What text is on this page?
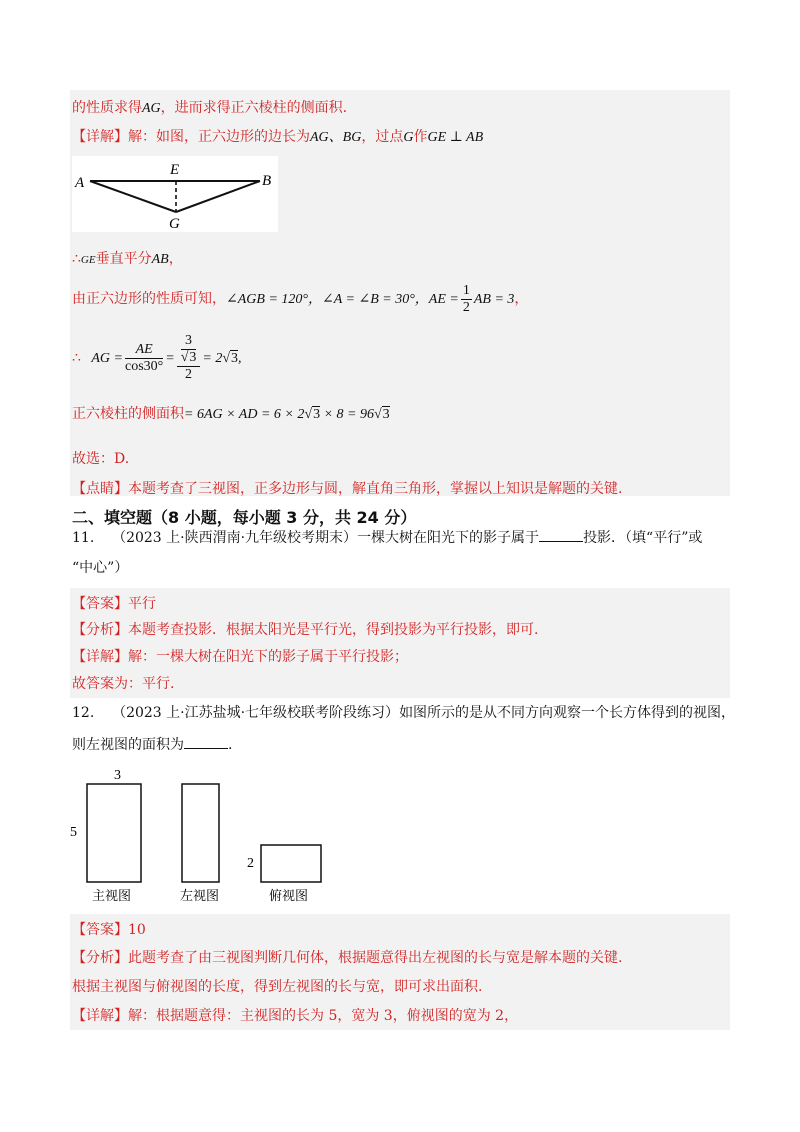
的性质求得AG，进而求得正六棱柱的侧面积.
【详解】解：如图，正六边形的边长为AG、BG，过点G作GE ⊥ AB
A	B
E
G
∴GE垂直平分AB，
由正六边形的性质可知，∠AGB = 120°，∠A = ∠B = 30°，AE = $\frac{1}{2}$ AB = 3，
∴ AG = $\frac{AE}{\cos 30^\circ} = \frac{\frac{3}{√3}}{2} = 2√3$,
正六棱柱的侧面积= 6AG × AD = 6 × 2√3 × 8 = 96√3
故选：D.
【点睛】本题考查了三视图，正多边形与圆，解直角三角形，掌握以上知识是解题的关键.
二、填空题（8 小题，每小题 3 分，共 24 分）
11. （2023 上·陕西渭南·九年级校考期末）一棵大树在阳光下的影子属于	投影．（填“平行”或
“中心”）
【答案】平行
【分析】本题考查投影．根据太阳光是平行光，得到投影为平行投影，即可.
【详解】解：一棵大树在阳光下的影子属于平行投影；
故答案为：平行.
12. （2023 上·江苏盐城·七年级校联考阶段练习）如图所示的是从不同方向观察一个长方体得到的视图，
则左视图的面积为	.
3
5
2
主视图	左视图	俯视图
【答案】10
【分析】此题考查了由三视图判断几何体，根据题意得出左视图的长与宽是解本题的关键.
根据主视图与俯视图的长度，得到左视图的长与宽，即可求出面积.
【详解】解：根据题意得：主视图的长为 5，宽为 3，俯视图的宽为 2，
